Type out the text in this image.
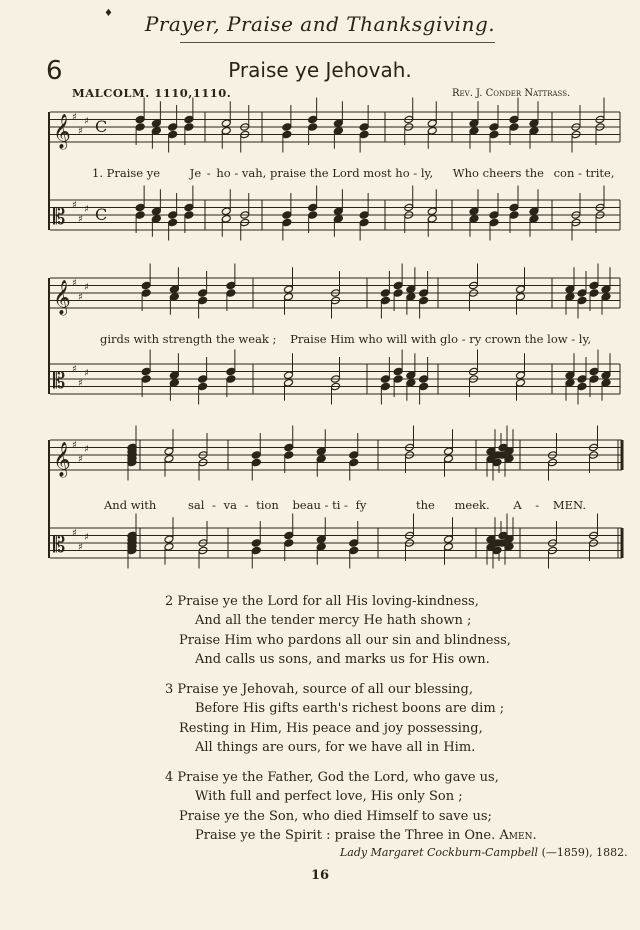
♦	Prayer, Praise and Thanksgiving.
6	Praise ye Jehovah.
MALCOLM. 1110,1110.	Rev. J. Conder Nattrass.
𝄞 ♯
♯
♯ C
𝄡 ♯
♯
♯ C
𝄞 ♯
♯
♯
𝄡 ♯
♯
♯
𝄞 ♯
♯
♯
𝄡 ♯
♯
♯
1. Praise ye	Je - ho - vah, praise the Lord most ho - ly, Who cheers the con - trite,
girds with strength the weak ; Praise Him who will with glo - ry crown the low - ly,
And with	sal - va - tion beau - ti - fy	the meek. A - MEN.
2 Praise ye the Lord for all His loving-kindness,
And all the tender mercy He hath shown ;
Praise Him who pardons all our sin and blindness,
And calls us sons, and marks us for His own.
3 Praise ye Jehovah, source of all our blessing,
Before His gifts earth's richest boons are dim ;
Resting in Him, His peace and joy possessing,
All things are ours, for we have all in Him.
4 Praise ye the Father, God the Lord, who gave us,
With full and perfect love, His only Son ;
Praise ye the Son, who died Himself to save us;
Praise ye the Spirit : praise the Three in One. Amen.
Lady Margaret Cockburn-Campbell (—1859), 1882.
16
